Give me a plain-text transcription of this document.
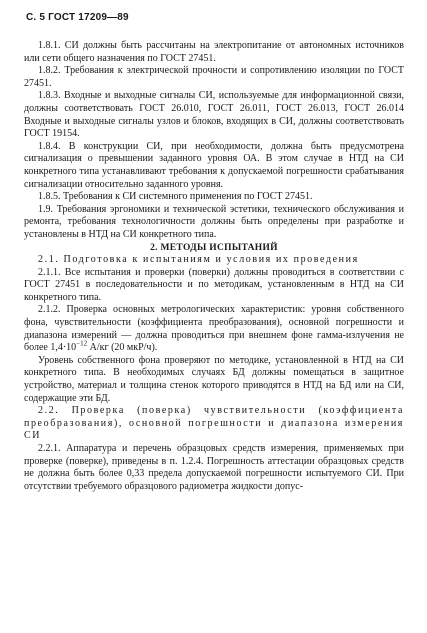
С. 5 ГОСТ 17209—89

1.8.1. СИ должны быть рассчитаны на электропитание от автономных источников или сети общего назначения по ГОСТ 27451.

1.8.2. Требования к электрической прочности и сопротивлению изоляции по ГОСТ 27451.

1.8.3. Входные и выходные сигналы СИ, используемые для информационной связи, должны соответствовать ГОСТ 26.010, ГОСТ 26.011, ГОСТ 26.013, ГОСТ 26.014 Входные и выходные сигналы узлов и блоков, входящих в СИ, должны соответствовать ГОСТ 19154.

1.8.4. В конструкции СИ, при необходимости, должна быть предусмотрена сигнализация о превышении заданного уровня ОА. В этом случае в НТД на СИ конкретного типа устанавливают требования к допускаемой погрешности срабатывания сигнализации относительно заданного уровня.

1.8.5. Требования к СИ системного применения по ГОСТ 27451.

1.9. Требования эргономики и технической эстетики, технического обслуживания и ремонта, требования технологичности должны быть определены при разработке и установлены в НТД на СИ конкретного типа.

2. МЕТОДЫ ИСПЫТАНИЙ

2.1. Подготовка к испытаниям и условия их проведения

2.1.1. Все испытания и проверки (поверки) должны проводиться в соответствии с ГОСТ 27451 в последовательности и по методикам, установленным в НТД на СИ конкретного типа.

2.1.2. Проверка основных метрологических характеристик: уровня собственного фона, чувствительности (коэффициента преобразования), основной погрешности и диапазона измерений — должна проводиться при внешнем фоне гамма-излучения не более $1,4\cdot 10^{-12}$ А/кг (20 мкР/ч).

Уровень собственного фона проверяют по методике, установленной в НТД на СИ конкретного типа. В необходимых случаях БД должны помещаться в защитное устройство, материал и толщина стенок которого приводятся в НТД на БД или на СИ, содержащие эти БД.

2.2. Проверка (поверка) чувствительности (коэффициента преобразования), основной погрешности и диапазона измерения СИ

2.2.1. Аппаратура и перечень образцовых средств измерения, применяемых при проверке (поверке), приведены в п. 1.2.4. Погрешность аттестации образцовых средств не должна быть более 0,33 предела допускаемой погрешности испытуемого СИ. При отсутствии требуемого образцового радиометра жидкости допус-
